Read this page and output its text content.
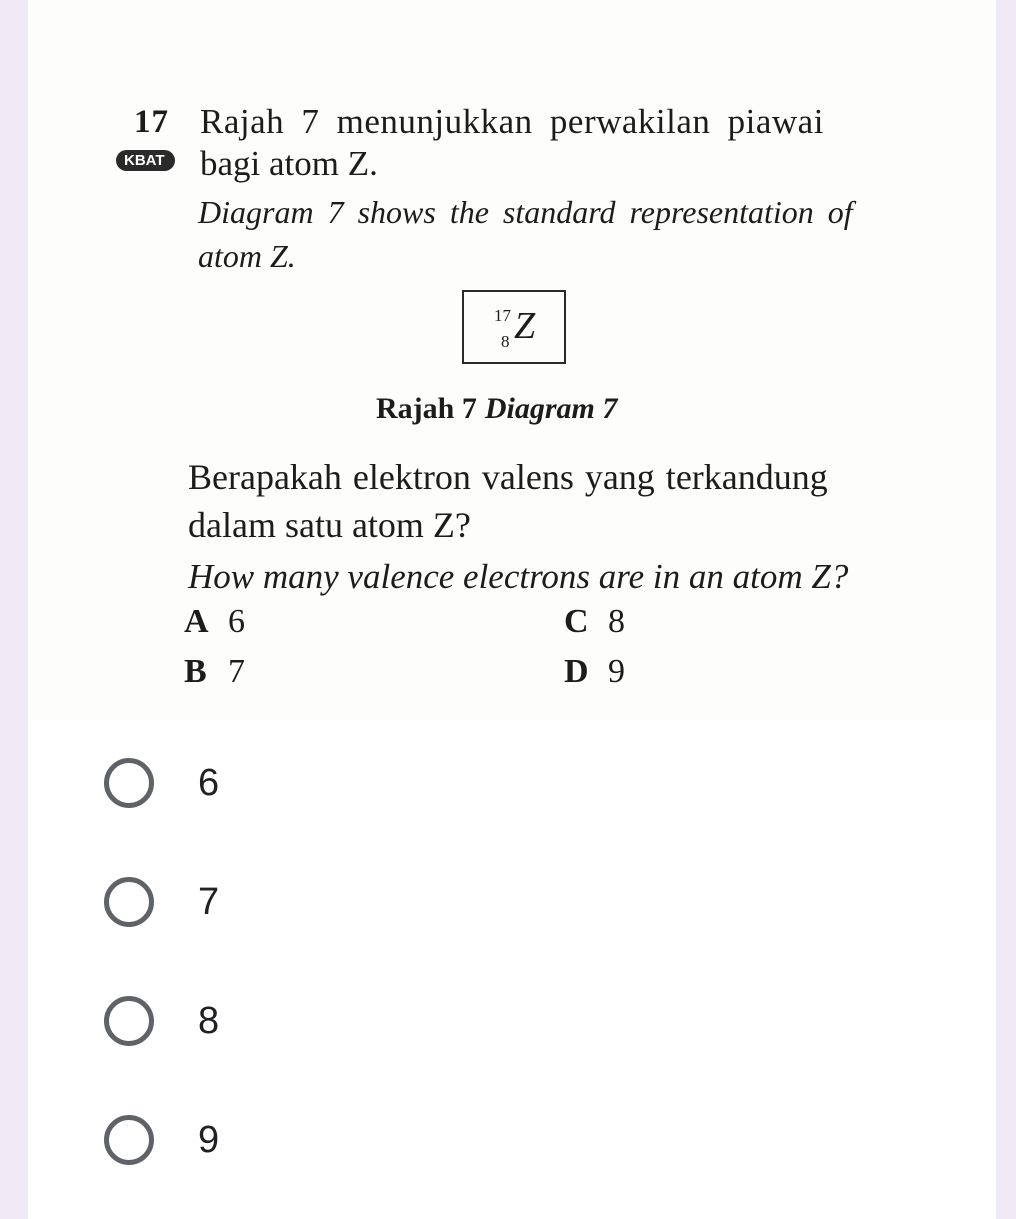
17 Rajah 7 menunjukkan perwakilan piawai
KBAT bagi atom Z.
Diagram 7 shows the standard representation of
atom Z.
17
8 Z
Rajah 7 Diagram 7
Berapakah elektron valens yang terkandung
dalam satu atom Z?
How many valence electrons are in an atom Z?
A 6
B 7
C 8
D 9
6
7
8
9
